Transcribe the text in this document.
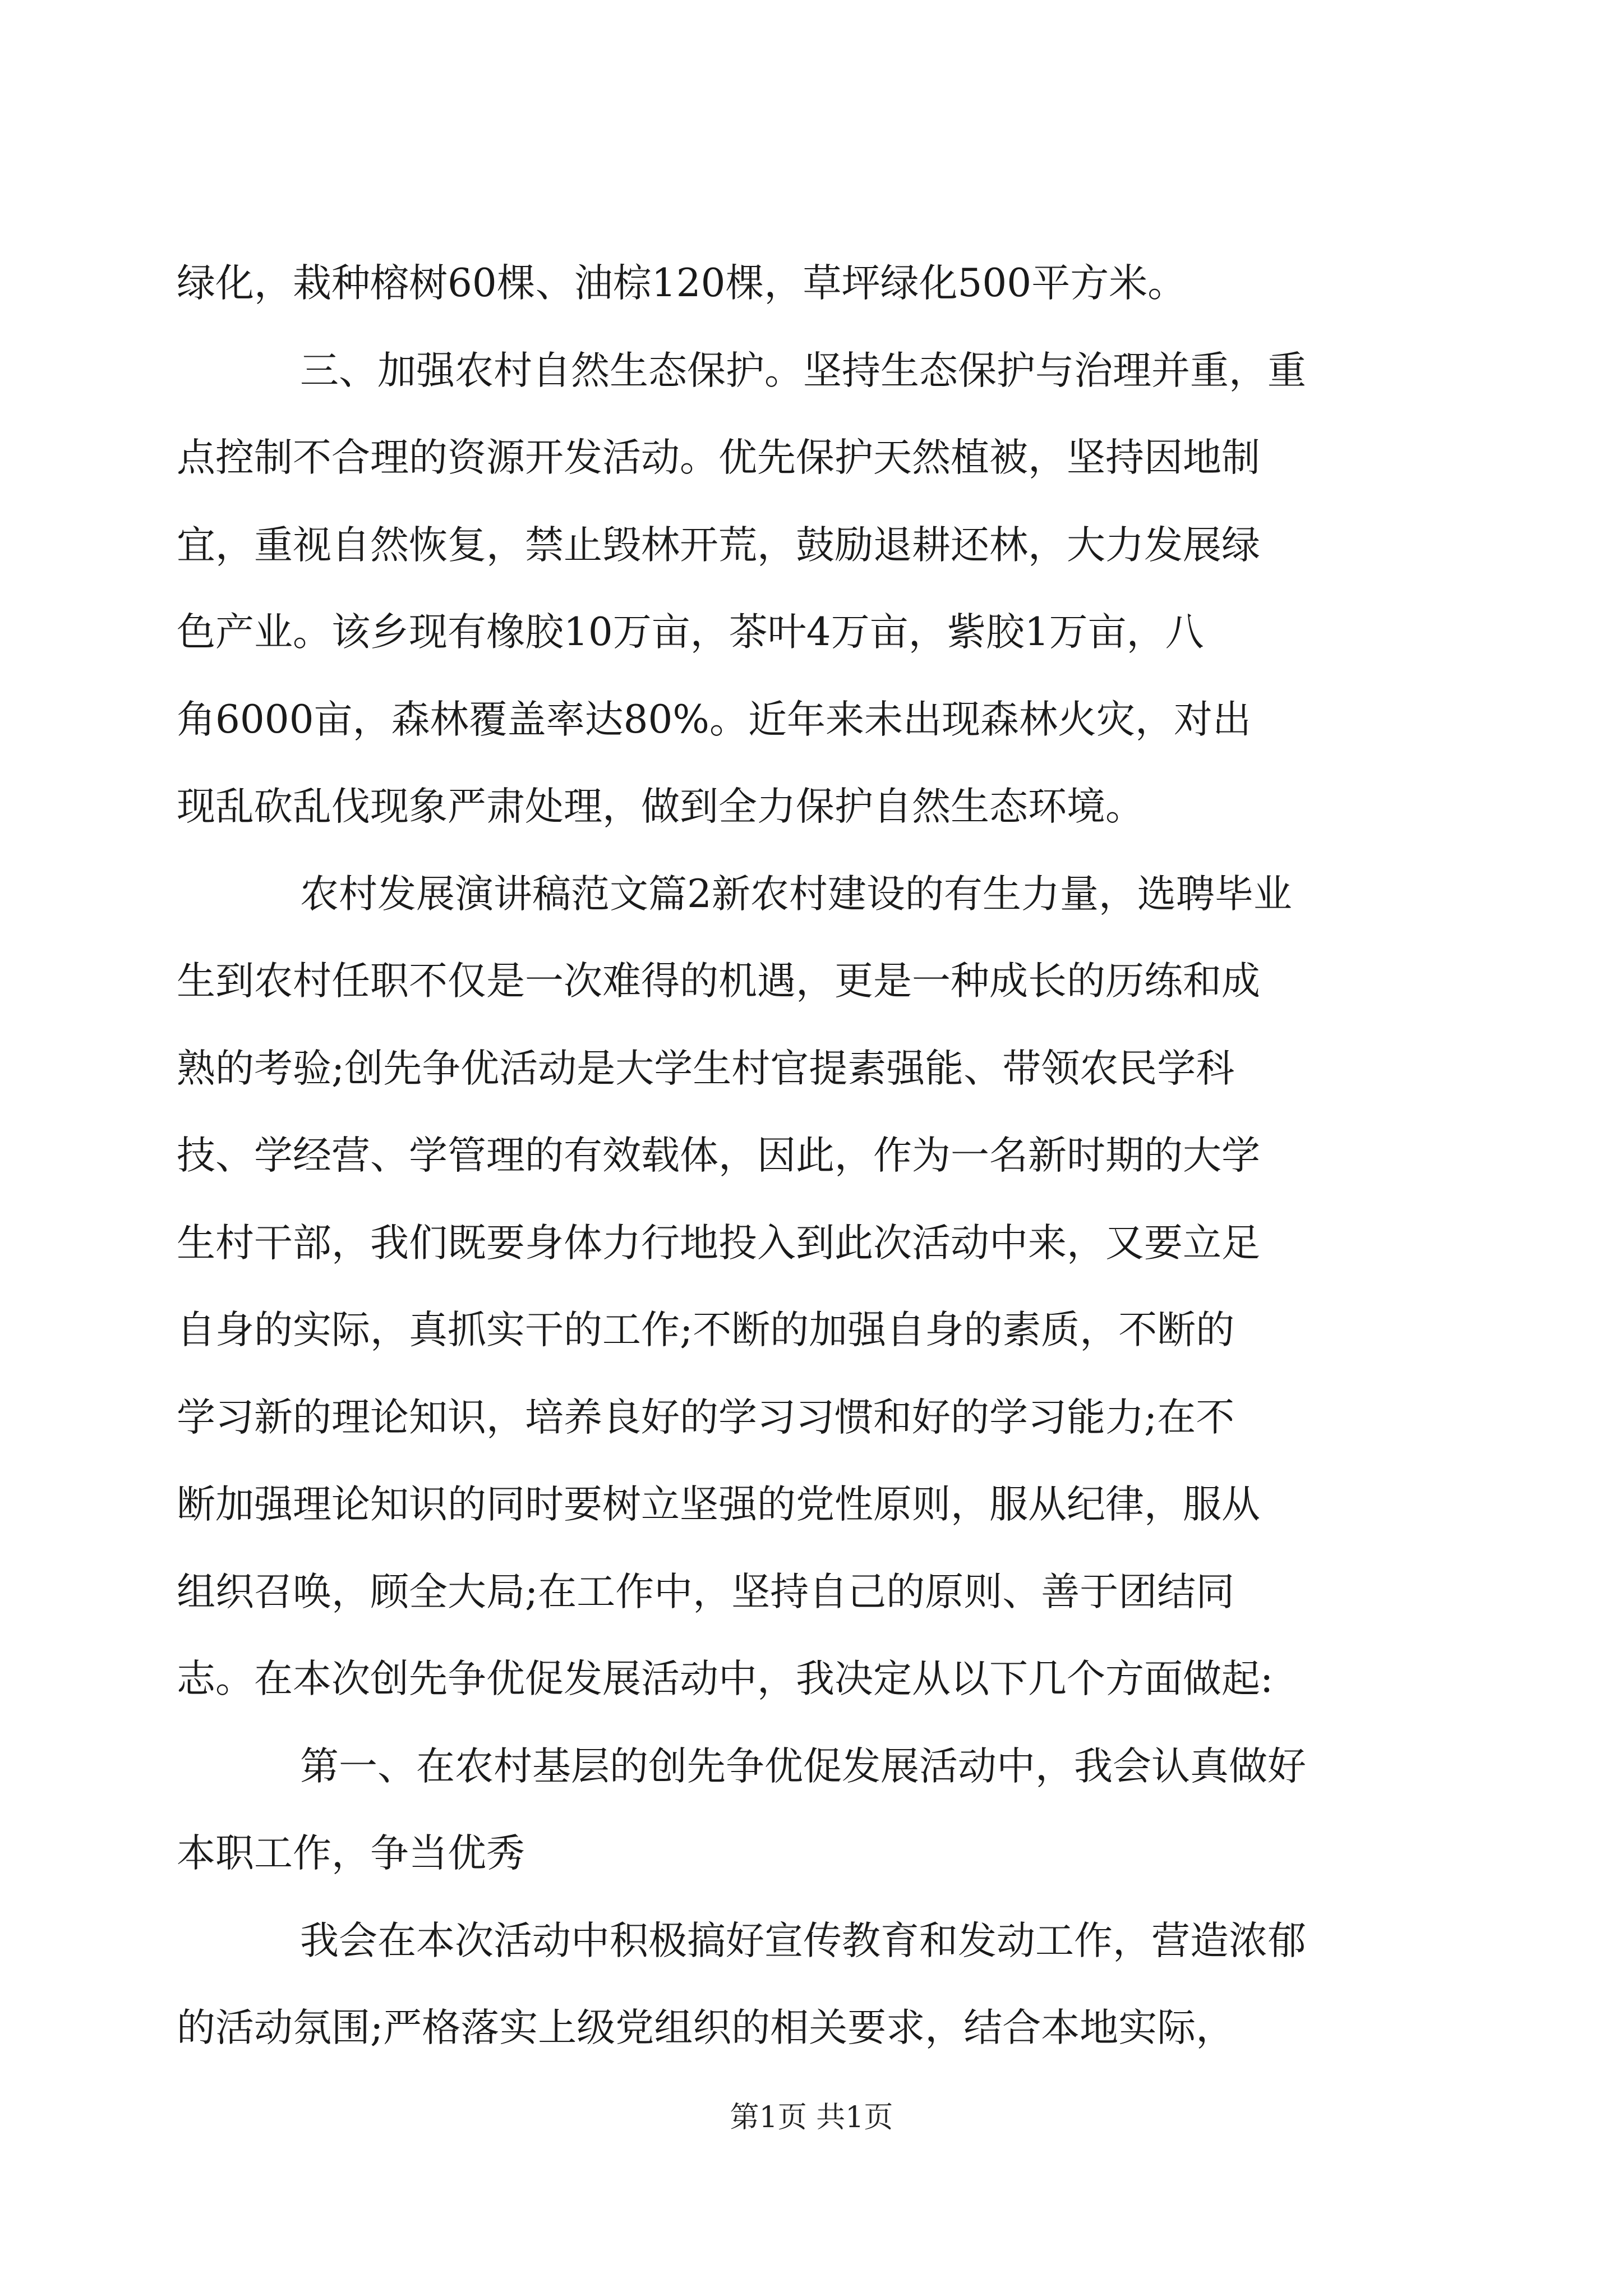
绿化，栽种榕树60棵、油棕120棵，草坪绿化500平方米。
三、加强农村自然生态保护。坚持生态保护与治理并重，重
点控制不合理的资源开发活动。优先保护天然植被，坚持因地制
宜，重视自然恢复，禁止毁林开荒，鼓励退耕还林，大力发展绿
色产业。该乡现有橡胶10万亩，茶叶4万亩，紫胶1万亩，八
角6000亩，森林覆盖率达80%。近年来未出现森林火灾，对出
现乱砍乱伐现象严肃处理，做到全力保护自然生态环境。
农村发展演讲稿范文篇2新农村建设的有生力量，选聘毕业
生到农村任职不仅是一次难得的机遇，更是一种成长的历练和成
熟的考验;创先争优活动是大学生村官提素强能、带领农民学科
技、学经营、学管理的有效载体，因此，作为一名新时期的大学
生村干部，我们既要身体力行地投入到此次活动中来，又要立足
自身的实际，真抓实干的工作;不断的加强自身的素质，不断的
学习新的理论知识，培养良好的学习习惯和好的学习能力;在不
断加强理论知识的同时要树立坚强的党性原则，服从纪律，服从
组织召唤，顾全大局;在工作中，坚持自己的原则、善于团结同
志。在本次创先争优促发展活动中，我决定从以下几个方面做起:
第一、在农村基层的创先争优促发展活动中，我会认真做好
本职工作，争当优秀
我会在本次活动中积极搞好宣传教育和发动工作，营造浓郁
的活动氛围;严格落实上级党组织的相关要求，结合本地实际，
第1页 共1页
